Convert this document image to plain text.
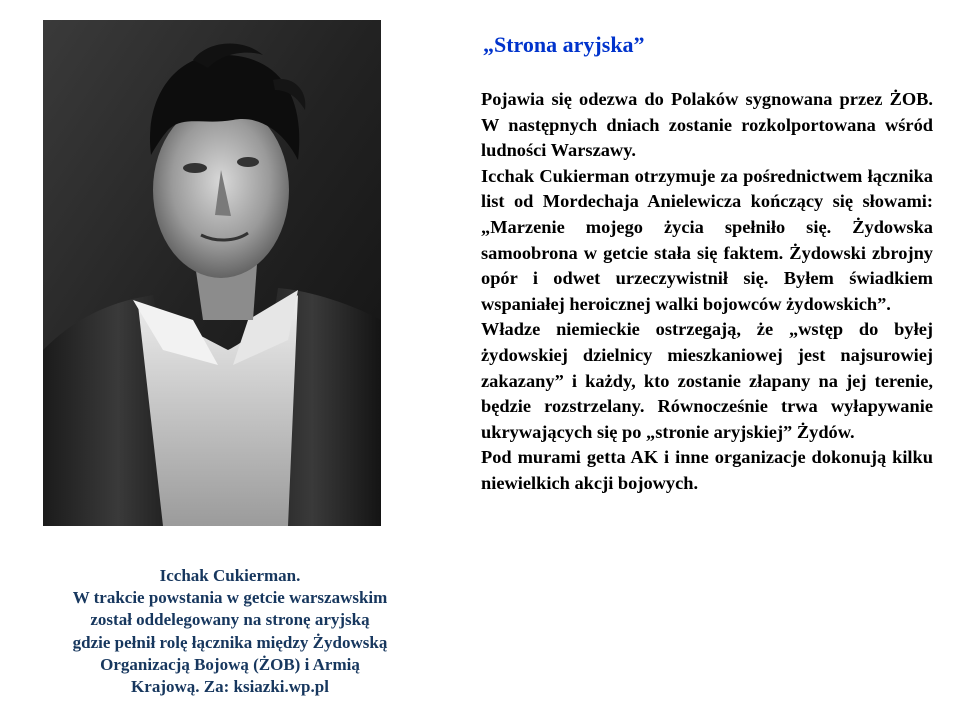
Icchak Cukierman.
W trakcie powstania w getcie warszawskim
został oddelegowany na stronę aryjską
gdzie pełnił rolę łącznika między Żydowską
Organizacją Bojową (ŻOB) i Armią
Krajową. Za: ksiazki.wp.pl
„Strona aryjska”

Pojawia się odezwa do Polaków sygnowana przez ŻOB. W następnych dniach zostanie rozkolportowana wśród ludności Warszawy.

Icchak Cukierman otrzymuje za pośrednictwem łącznika list od Mordechaja Anielewicza kończący się słowami: „Marzenie mojego życia spełniło się. Żydowska samoobrona w getcie stała się faktem. Żydowski zbrojny opór i odwet urzeczywistnił się. Byłem świadkiem wspaniałej heroicznej walki bojowców żydowskich”.

Władze niemieckie ostrzegają, że „wstęp do byłej żydowskiej dzielnicy mieszkaniowej jest najsurowiej zakazany” i każdy, kto zostanie złapany na jej terenie, będzie rozstrzelany. Równocześnie trwa wyłapywanie ukrywających się po „stronie aryjskiej” Żydów.

Pod murami getta AK i inne organizacje dokonują kilku niewielkich akcji bojowych.
